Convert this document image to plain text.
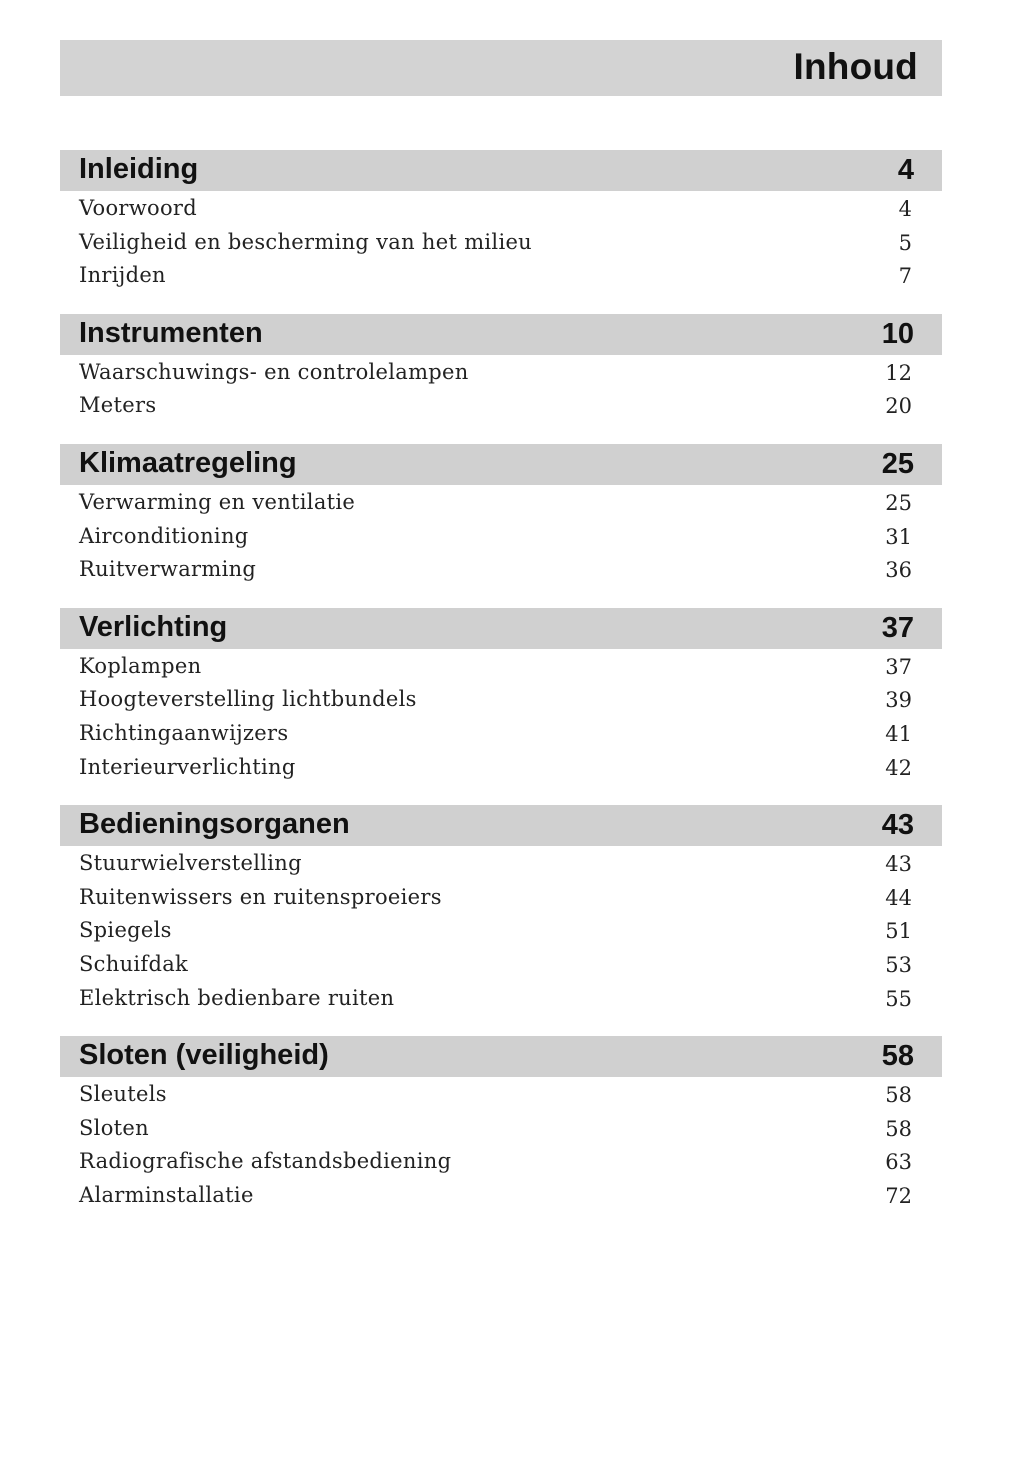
Inhoud
Inleiding	4
Voorwoord	4
Veiligheid en bescherming van het milieu	5
Inrijden	7
Instrumenten	10
Waarschuwings- en controlelampen	12
Meters	20
Klimaatregeling	25
Verwarming en ventilatie	25
Airconditioning	31
Ruitverwarming	36
Verlichting	37
Koplampen	37
Hoogteverstelling lichtbundels	39
Richtingaanwijzers	41
Interieurverlichting	42
Bedieningsorganen	43
Stuurwielverstelling	43
Ruitenwissers en ruitensproeiers	44
Spiegels	51
Schuifdak	53
Elektrisch bedienbare ruiten	55
Sloten (veiligheid)	58
Sleutels	58
Sloten	58
Radiografische afstandsbediening	63
Alarminstallatie	72
